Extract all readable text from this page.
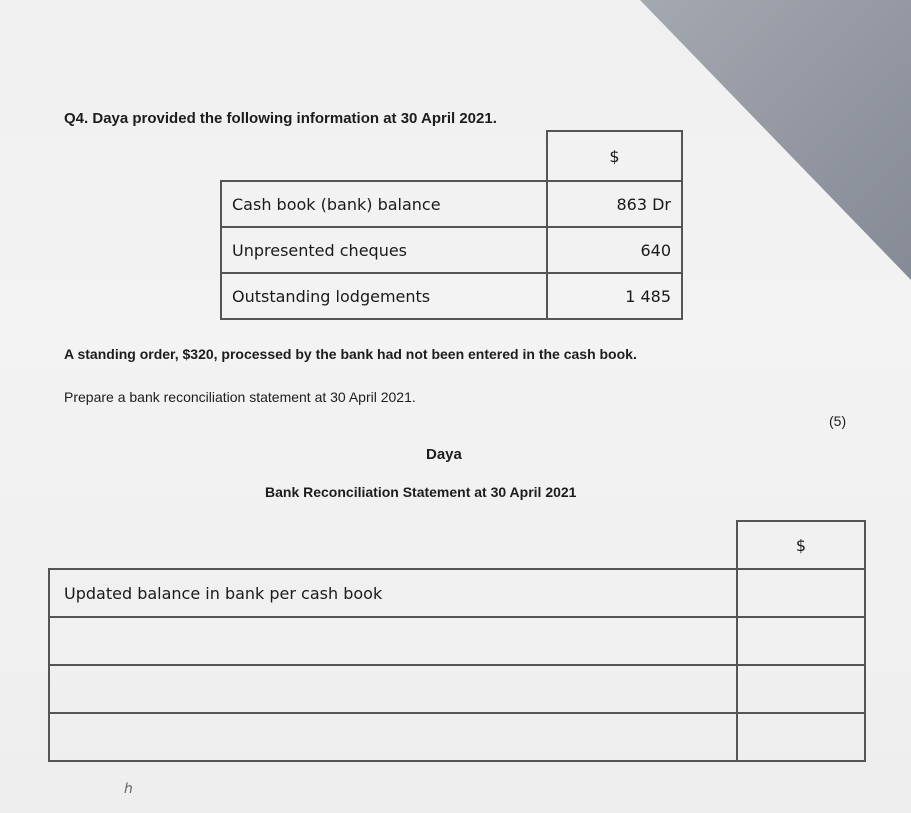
Q4. Daya provided the following information at 30 April 2021.
	$
Cash book (bank) balance	863 Dr
Unpresented cheques	640
Outstanding lodgements	1 485
A standing order, $320, processed by the bank had not been entered in the cash book.
Prepare a bank reconciliation statement at 30 April 2021.
(5)
Daya
Bank Reconciliation Statement at 30 April 2021
	$
Updated balance in bank per cash book	

ℎ
